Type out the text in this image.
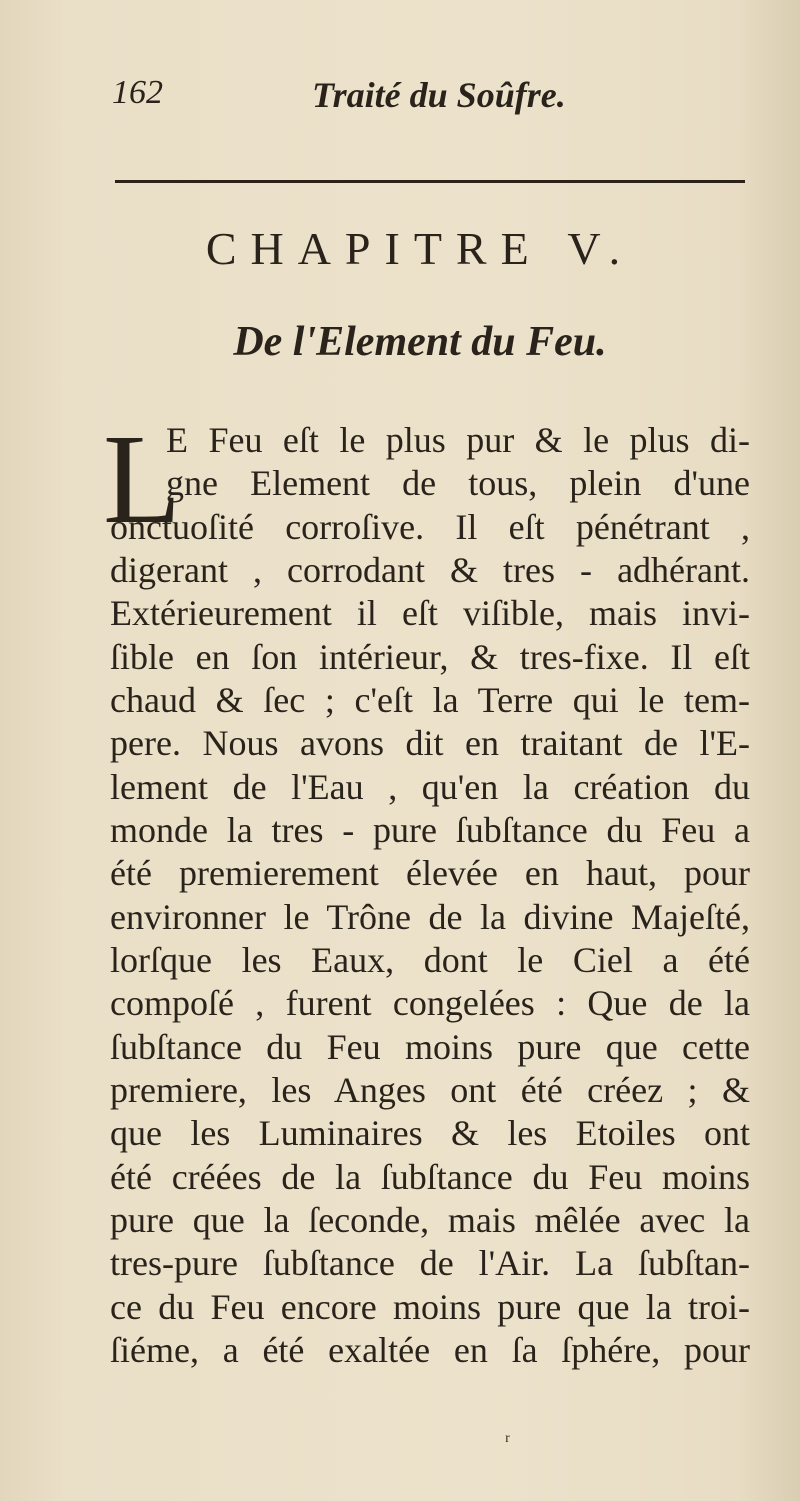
162	Traité du Soûfre.
CHAPITRE V.
De l'Element du Feu.
L
E Feu eſt le plus pur & le plus di-
gne Element de tous, plein d'une
onctuoſité corroſive. Il eſt pénétrant ,
digerant , corrodant & tres - adhérant.
Extérieurement il eſt viſible, mais invi-
ſible en ſon intérieur, & tres-fixe. Il eſt
chaud & ſec ; c'eſt la Terre qui le tem-
pere. Nous avons dit en traitant de l'E-
lement de l'Eau , qu'en la création du
monde la tres - pure ſubſtance du Feu a
été premierement élevée en haut, pour
environner le Trône de la divine Majeſté,
lorſque les Eaux, dont le Ciel a été
compoſé , furent congelées : Que de la
ſubſtance du Feu moins pure que cette
premiere, les Anges ont été créez ; &
que les Luminaires & les Etoiles ont
été créées de la ſubſtance du Feu moins
pure que la ſeconde, mais mêlée avec la
tres-pure ſubſtance de l'Air. La ſubſtan-
ce du Feu encore moins pure que la troi-
ſiéme, a été exaltée en ſa ſphére, pour
ʳ
